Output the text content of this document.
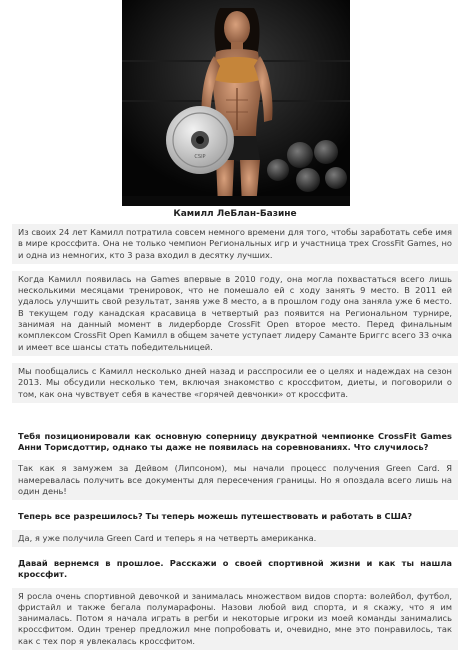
CSIP
Камилл ЛеБлан-Базине
Из своих 24 лет Камилл потратила совсем немного времени для того, чтобы заработать себе имя в мире кроссфита. Она не только чемпион Региональных игр и участница трех CrossFit Games, но и одна из немногих, кто 3 раза входил в десятку лучших.
Когда Камилл появилась на Games впервые в 2010 году, она могла похвастаться всего лишь несколькими месяцами тренировок, что не помешало ей с ходу занять 9 место. В 2011 ей удалось улучшить свой результат, заняв уже 8 место, а в прошлом году она заняла уже 6 место. В текущем году канадская красавица в четвертый раз появится на Региональном турнире, занимая на данный момент в лидерборде CrossFit Open второе место. Перед финальным комплексом CrossFit Open Камилл в общем зачете уступает лидеру Саманте Бриггс всего 33 очка и имеет все шансы стать победительницей.
Мы пообщались с Камилл несколько дней назад и расспросили ее о целях и надеждах на сезон 2013. Мы обсудили несколько тем, включая знакомство с кроссфитом, диеты, и поговорили о том, как она чувствует себя в качестве «горячей девчонки» от кроссфита.
Тебя позиционировали как основную соперницу двукратной чемпионке CrossFit Games Анни Торисдоттир, однако ты даже не появилась на соревнованиях. Что случилось?
Так как я замужем за Дейвом (Липсоном), мы начали процесс получения Green Card. Я намеревалась получить все документы для пересечения границы. Но я опоздала всего лишь на один день!
Теперь все разрешилось? Ты теперь можешь путешествовать и работать в США?
Да, я уже получила Green Card и теперь я на четверть американка.
Давай вернемся в прошлое. Расскажи о своей спортивной жизни и как ты нашла кроссфит.
Я росла очень спортивной девочкой и занималась множеством видов спорта: волейбол, футбол, фристайл и также бегала полумарафоны. Назови любой вид спорта, и я скажу, что я им занималась. Потом я начала играть в регби и некоторые игроки из моей команды занимались кроссфитом. Один тренер предложил мне попробовать и, очевидно, мне это понравилось, так как с тех пор я увлекалась кроссфитом.
